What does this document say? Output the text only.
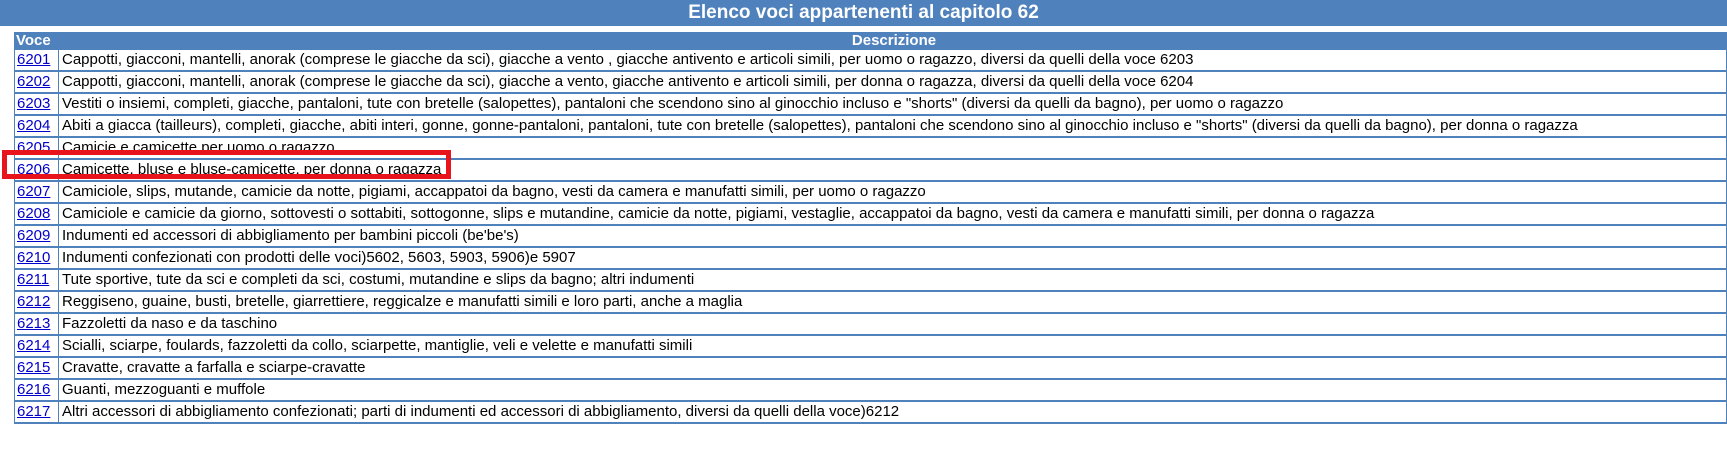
Elenco voci appartenenti al capitolo 62
Voce	Descrizione
6201	Cappotti, giacconi, mantelli, anorak (comprese le giacche da sci), giacche a vento , giacche antivento e articoli simili, per uomo o ragazzo, diversi da quelli della voce 6203
6202	Cappotti, giacconi, mantelli, anorak (comprese le giacche da sci), giacche a vento, giacche antivento e articoli simili, per donna o ragazza, diversi da quelli della voce 6204
6203	Vestiti o insiemi, completi, giacche, pantaloni, tute con bretelle (salopettes), pantaloni che scendono sino al ginocchio incluso e "shorts" (diversi da quelli da bagno), per uomo o ragazzo
6204	Abiti a giacca (tailleurs), completi, giacche, abiti interi, gonne, gonne-pantaloni, pantaloni, tute con bretelle (salopettes), pantaloni che scendono sino al ginocchio incluso e "shorts" (diversi da quelli da bagno), per donna o ragazza
6205	Camicie e camicette per uomo o ragazzo
6206	Camicette, bluse e bluse-camicette, per donna o ragazza
6207	Camiciole, slips, mutande, camicie da notte, pigiami, accappatoi da bagno, vesti da camera e manufatti simili, per uomo o ragazzo
6208	Camiciole e camicie da giorno, sottovesti o sottabiti, sottogonne, slips e mutandine, camicie da notte, pigiami, vestaglie, accappatoi da bagno, vesti da camera e manufatti simili, per donna o ragazza
6209	Indumenti ed accessori di abbigliamento per bambini piccoli (be'be's)
6210	Indumenti confezionati con prodotti delle voci)5602, 5603, 5903, 5906)e 5907
6211	Tute sportive, tute da sci e completi da sci, costumi, mutandine e slips da bagno; altri indumenti
6212	Reggiseno, guaine, busti, bretelle, giarrettiere, reggicalze e manufatti simili e loro parti, anche a maglia
6213	Fazzoletti da naso e da taschino
6214	Scialli, sciarpe, foulards, fazzoletti da collo, sciarpette, mantiglie, veli e velette e manufatti simili
6215	Cravatte, cravatte a farfalla e sciarpe-cravatte
6216	Guanti, mezzoguanti e muffole
6217	Altri accessori di abbigliamento confezionati; parti di indumenti ed accessori di abbigliamento, diversi da quelli della voce)6212
